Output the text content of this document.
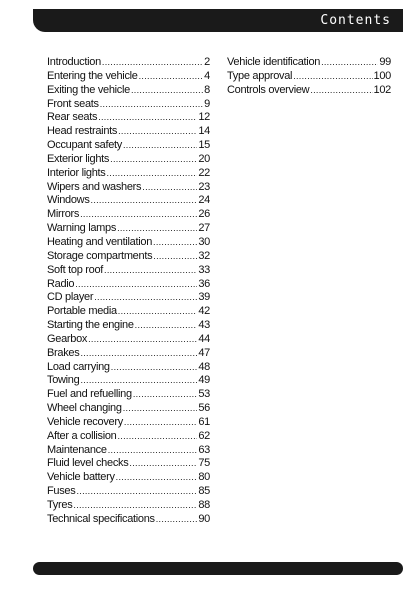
Contents
Introduction .....	2
Entering the vehicle .....	4
Exiting the vehicle .....	8
Front seats .....	9
Rear seats .....	12
Head restraints .....	14
Occupant safety .....	15
Exterior lights .....	20
Interior lights .....	22
Wipers and washers .....	23
Windows .....	24
Mirrors .....	26
Warning lamps .....	27
Heating and ventilation .....	30
Storage compartments .....	32
Soft top roof .....	33
Radio .....	36
CD player .....	39
Portable media .....	42
Starting the engine .....	43
Gearbox .....	44
Brakes .....	47
Load carrying .....	48
Towing .....	49
Fuel and refuelling .....	53
Wheel changing .....	56
Vehicle recovery .....	61
After a collision .....	62
Maintenance .....	63
Fluid level checks .....	75
Vehicle battery .....	80
Fuses .....	85
Tyres .....	88
Technical specifications .....	90
Vehicle identification .....	99
Type approval .....	100
Controls overview .....	102
